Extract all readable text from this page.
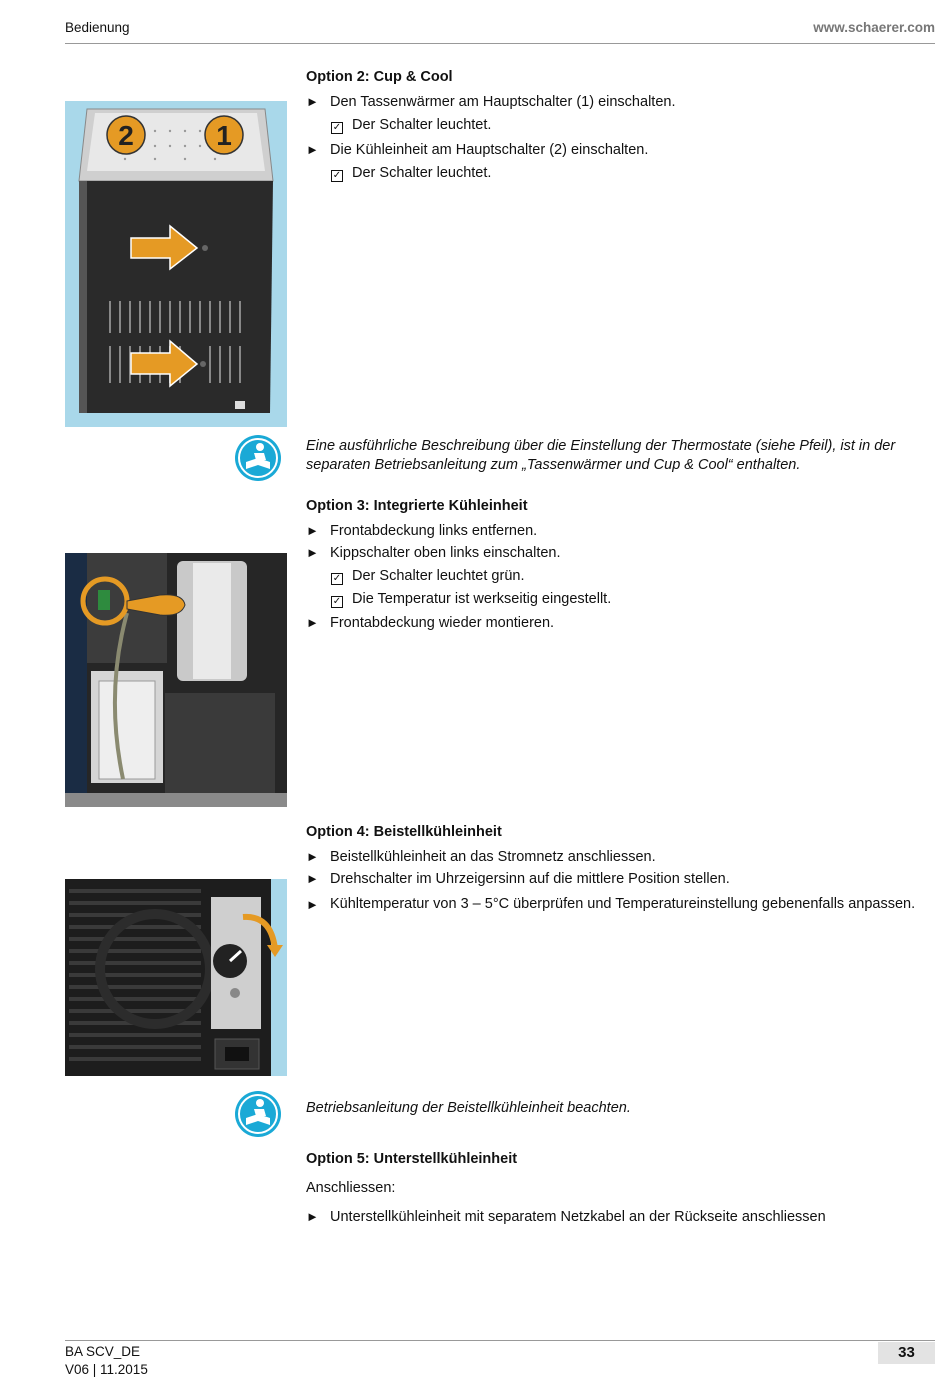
Bedienung	www.schaerer.com
2	1
Option 2: Cup & Cool
► Den Tassenwärmer am Hauptschalter (1) einschalten.
✓ Der Schalter leuchtet.
► Die Kühleinheit am Hauptschalter (2) einschalten.
✓ Der Schalter leuchtet.
Eine ausführliche Beschreibung über die Einstellung der Thermostate (siehe Pfeil), ist in der separaten Betriebsanleitung zum „Tassenwärmer und Cup & Cool“ enthalten.
Option 3: Integrierte Kühleinheit
► Frontabdeckung links entfernen.
► Kippschalter oben links einschalten.
✓ Der Schalter leuchtet grün.
✓ Die Temperatur ist werkseitig eingestellt.
► Frontabdeckung wieder montieren.
Option 4: Beistellkühleinheit
► Beistellkühleinheit an das Stromnetz anschliessen.
► Drehschalter im Uhrzeigersinn auf die mittlere Position stellen.
► Kühltemperatur von 3 – 5°C überprüfen und Temperatureinstellung gebenenfalls anpassen.
Betriebsanleitung der Beistellkühleinheit beachten.
Option 5: Unterstellkühleinheit
Anschliessen:
► Unterstellkühleinheit mit separatem Netzkabel an der Rückseite anschliessen
BA SCV_DE
V06 | 11.2015
33
